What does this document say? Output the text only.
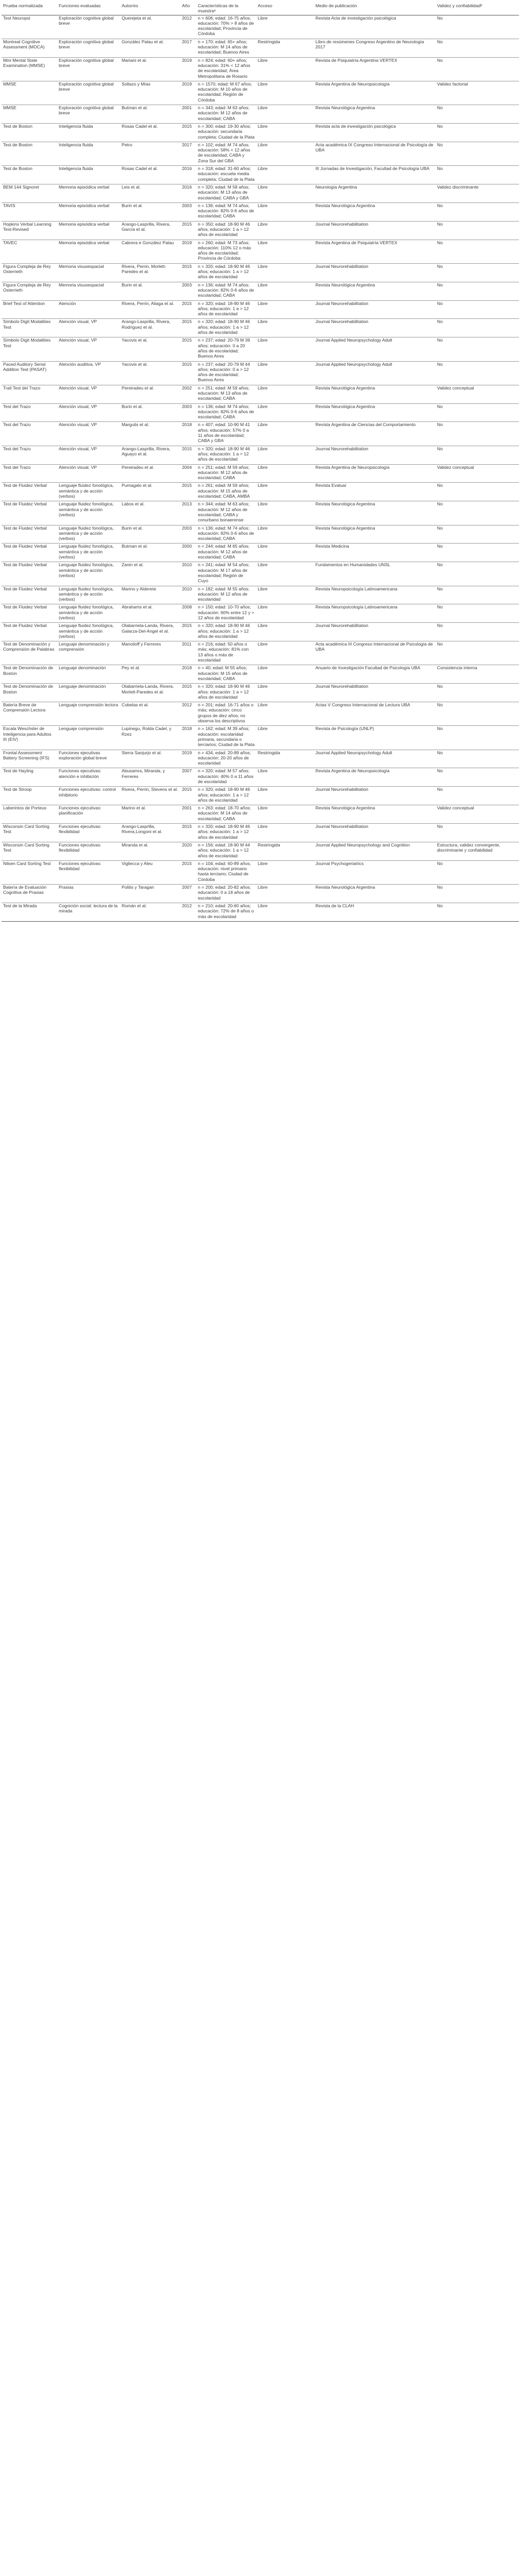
Prueba normalizada	Funciones evaluadas	Autor/es	Año	Características de la muestraᵃ	Acceso	Medio de publicación	Validez y confiabilidadᵇ
Test Neuropsi	Exploración cognitiva global breve	Querejeta et al.	2012	n = 606; edad: 16-75 años; educación: 70% > 8 años de escolaridad; Provincia de Córdoba	Libre	Revista Acta de investigación psicológica	No
Montreal Cognitive Assessment (MOCA)	Exploración cognitiva global breve	González Palau et al.	2017	n = 170; edad: 65+ años; educación: M 14 años de escolaridad; Buenos Aires	Restringida	Libro de resúmenes Congreso Argentino de Neurología 2017	No
Mini Mental State Examination (MMSE)	Exploración cognitiva global breve	Mariani et al.	2019	n = 824; edad: 60+ años; educación: 31% < 12 años de escolaridad; Área Metropolitana de Rosario	Libre	Revista de Psiquiatría Argentina VERTEX	No
MMSE	Exploración cognitiva global breve	Sollazo y Mías	2019	n = 1570; edad: M 67 años; educación: M 10 años de escolaridad; Región de Córdoba	Libre	Revista Argentina de Neuropsicología	Validez factorial
MMSE	Exploración cognitiva global breve	Butman et al.	2001	n = 343; edad: M 63 años; educación: M 12 años de escolaridad; CABA	Libre	Revista Neurológica Argentina	No
Test de Boston	Inteligencia fluida	Rosas Cadel et al.	2015	n = 300; edad: 19-30 años; educación: secundaria completa; Ciudad de la Plata	Libre	Revista acta de investigación psicológica	No
Test de Boston	Inteligencia fluida	Petro	2017	n = 102; edad: M 74 años; educación: 58% < 12 años de escolaridad; CABA y Zona Sur del GBA	Libre	Acta académica IX Congreso Internacional de Psicología de UBA	No
Test de Boston	Inteligencia fluida	Rosas Cadel et al.	2016	n = 318; edad: 31-60 años; educación: escuela media completa; Ciudad de la Plata	Libre	III Jornadas de Investigación, Facultad de Psicología UBA	No
BEM 144 Signoret	Memoria episódica verbal	Leis et al.	2016	n = 320; edad: M 58 años; educación: M 13 años de escolaridad; CABA y GBA	Libre	Neurología Argentina	Validez discriminante
TAVIS	Memoria episódica verbal	Burin et al.	2003	n = 136; edad: M 74 años; educación: 82% 0-6 años de escolaridad; CABA	Libre	Revista Neurológica Argentina	No
Hopkins Verbal Learning Test-Revised	Memoria episódica verbal	Arango-Lasprilla, Rivera, García et al.	2015	n = 350; edad: 18-90 M 46 años; educación: 1 a > 12 años de escolaridad	Libre	Journal Neurorehabilitation	No
TAVEC	Memoria episódica verbal	Cabrera e González Palau	2019	n = 260; edad: M 73 años; educación: 110% 12 o más años de escolaridad; Provincia de Córdoba	Libre	Revista Argentina de Psiquiatría VERTEX	No
Figura Compleja de Rey Osterrieth	Memoria visuoespacial	Rivera, Perrin, Morlett-Paredes et al.	2015	n = 320; edad: 18-90 M 46 años; educación: 1 a > 12 años de escolaridad	Libre	Journal Neurorehabilitation	No
Figura Compleja de Rey Osterrieth	Memoria visuoespacial	Burin et al.	2003	n = 136; edad: M 74 años; educación: 82% 0-6 años de escolaridad; CABA	Libre	Revista Neurológica Argentina	No
Brief Test of Attention	Atención	Rivera, Perrin, Aliaga et al.	2015	n = 320; edad: 18-90 M 46 años; educación: 1 a > 12 años de escolaridad	Libre	Journal Neurorehabilitation	No
Símbolo Digit Modalities Test	Atención visual, VP	Arango-Lasprilla, Rivera, Rodríguez et al.	2015	n = 320; edad: 18-90 M 46 años; educación: 1 a > 12 años de escolaridad	Libre	Journal Neurorehabilitation	No
Símbolo Digit Modalities Test	Atención visual, VP	Yacovis et al.	2015	n = 237; edad: 20-79 M 39 años; educación: 0 a 20 años de escolaridad; Buenos Aires	Libre	Journal Applied Neuropsychology Adult	No
Paced Auditory Serial Addition Test (PASAT)	Atención auditiva, VP	Yacovis et al.	2015	n = 237; edad: 20-79 M 44 años; educación: 0 a > 12 años de escolaridad; Buenos Aires	Libre	Journal Applied Neuropsychology Adult	No
Trail Test del Trazo	Atención visual, VP	Pereiradeu et al.	2002	n = 251; edad: M 59 años; educación: M 13 años de escolaridad; CABA	Libre	Revista Neurológica Argentina	Validez conceptual
Test del Trazo	Atención visual, VP	Burin et al.	2003	n = 136; edad: M 74 años; educación: 82% 0-6 años de escolaridad; CABA	Libre	Revista Neurológica Argentina	No
Test del Trazo	Atención visual, VP	Margulis et al.	2018	n = 407; edad: 10-90 M 41 años; educación: 57% 0 a 11 años de escolaridad; CABA y GBA	Libre	Revista Argentina de Ciencias del Comportamiento	No
Test del Trazo	Atención visual, VP	Arango-Lasprilla, Rivera, Aguayo et al.	2015	n = 320; edad: 18-90 M 46 años; educación: 1 a > 12 años de escolaridad	Libre	Journal Neurorehabilitation	No
Test del Trazo	Atención visual, VP	Pereiradeu et al.	2004	n = 251; edad: M 59 años; educación: M 12 años de escolaridad; CABA	Libre	Revista Argentina de Neuropsicología	Validez conceptual
Test de Fluidez Verbal	Lenguaje fluidez fonológica, semántica y de acción (verbos)	Pumagalo et al.	2015	n = 261; edad: M 59 años; educación: M 15 años de escolaridad; CABA, AMBA	Libre	Revista Evaluar	No
Test de Fluidez Verbal	Lenguaje fluidez fonológica, semántica y de acción (verbos)	Labos et al.	2013	n = 344; edad: M 63 años; educación: M 12 años de escolaridad; CABA y conurbano bonaerense	Libre	Revista Neurológica Argentina	No
Test de Fluidez Verbal	Lenguaje fluidez fonológica, semántica y de acción (verbos)	Burin et al.	2003	n = 136; edad: M 74 años; educación: 82% 0-6 años de escolaridad; CABA	Libre	Revista Neurológica Argentina	No
Test de Fluidez Verbal	Lenguaje fluidez fonológica, semántica y de acción (verbos)	Butman et al.	2000	n = 244; edad: M 65 años; educación: M 12 años de escolaridad; CABA	Libre	Revista Medicina	No
Test de Fluidez Verbal	Lenguaje fluidez fonológica, semántica y de acción (verbos)	Zanin et al.	2010	n = 241; edad: M 54 años; educación: M 17 años de escolaridad; Región de Cuyo	Libre	Fundamentos en Humanidades UNSL	No
Test de Fluidez Verbal	Lenguaje fluidez fonológica, semántica y de acción (verbos)	Marino y Alderete	2010	n = 182; edad: M 55 años; educación: M 12 años de escolaridad	Libre	Revista Neuropsicología Latinoamericana	No
Test de Fluidez Verbal	Lenguaje fluidez fonológica, semántica y de acción (verbos)	Abrahams et al.	2008	n = 150; edad: 10-70 años; educación: 60% entre 12 y > 12 años de escolaridad	Libre	Revista Neuropsicología Latinoamericana	No
Test de Fluidez Verbal	Lenguaje fluidez fonológica, semántica y de acción (verbos)	Olabarrieta-Landa, Rivera, Galarza-Del-Angel et al.	2015	n = 320; edad: 18-90 M 46 años; educación: 1 a > 12 años de escolaridad	Libre	Journal Neurorehabilitation	No
Test de Denominación y Comprensión de Palabras	Lenguaje denominación y comprensión	Manoiloff y Ferreres	2011	n = 216; edad: 50 años o más; educación: 81% con 13 años o más de escolaridad	Libre	Acta académica III Congreso Internacional de Psicología de UBA	No
Test de Denominación de Boston	Lenguaje denominación	Pey et al.	2018	n = 40; edad: M 55 años; educación: M 15 años de escolaridad; CABA	Libre	Anuario de Investigación Facultad de Psicología UBA	Consistencia interna
Test de Denominación de Boston	Lenguaje denominación	Olabarrieta-Landa, Rivera, Morlett-Paredes et al.	2015	n = 320; edad: 18-90 M 46 años; educación: 1 a > 12 años de escolaridad	Libre	Journal Neurorehabilitation	No
Batería Breve de Comprensión Lectora	Lenguaje comprensión lectora	Cobelas et al.	2012	n = 201; edad: 16-71 años o más; educación: cinco grupos de diez años; no observa los descriptivos	Libre	Actas V Congreso Internacional de Lectura UBA	No
Escala Weschsler de Inteligencia para Adultos III (EIV)	Lenguaje comprensión	Lupinegu, Rolda Cadel, y Rzez	2018	n = 162; edad: M 39 años; educación: escolaridad primaria, secundaria o terciarios; Ciudad de la Plata	Libre	Revista de Psicología (UNLP)	No
Frontal Assessment Battery Screening (IFS)	Funciones ejecutivas exploración global breve	Sierra Sanjurjo et al.	2019	n = 434; edad: 20-89 años; educación: 20-20 años de escolaridad	Restringida	Journal Applied Neuropsychology Adult	No
Test de Hayling	Funciones ejecutivas: atención e inhibición	Abusamra, Miranda, y Ferreres	2007	n = 320; edad: M 57 años; educación: 40% 0 a 11 años de escolaridad	Libre	Revista Argentina de Neuropsicología	No
Test de Stroop	Funciones ejecutivas: control inhibitorio	Rivera, Perrin, Stevens et al.	2015	n = 320; edad: 18-90 M 46 años; educación: 1 a > 12 años de escolaridad	Libre	Journal Neurorehabilitation	No
Laberintos de Porteus	Funciones ejecutivas: planificación	Marino et al.	2001	n = 263; edad: 18-70 años; educación: M 14 años de escolaridad; CABA	Libre	Revista Neurológica Argentina	Validez conceptual
Wisconsin Card Sorting Test	Funciones ejecutivas: flexibilidad	Arango-Lasprilla, Rivera,Longoni et al.	2015	n = 320; edad: 18-90 M 46 años; educación: 1 a > 12 años de escolaridad	Libre	Journal Neurorehabilitation	No
Wisconsin Card Sorting Test	Funciones ejecutivas: flexibilidad	Miranda et al.	2020	n = 156; edad: 18-90 M 44 años; educación: 1 a > 12 años de escolaridad	Restringida	Journal Applied Neuropsychology and Cognition	Estructura, validez convergente, discriminante y confiabilidad
Nilsen Card Sorting Test	Funciones ejecutivas: flexibilidad	Vigliecca y Aleu	2015	n = 104; edad: 60-89 años; educación: nivel primario hasta terciario; Ciudad de Córdoba	Libre	Journal Psychogeriatrics	No
Batería de Evaluación Cognitiva de Praxias	Praxias	Politis y Taragan	2007	n = 200; edad: 20-82 años; educación: 0 a 18 años de escolaridad	Libre	Revista Neurológica Argentina	No
Test de la Mirada	Cognición social: lectura de la mirada	Román et al.	2012	n = 210; edad: 20-60 años; educación: 72% de 8 años o más de escolaridad	Libre	Revista de la CLAH	No
